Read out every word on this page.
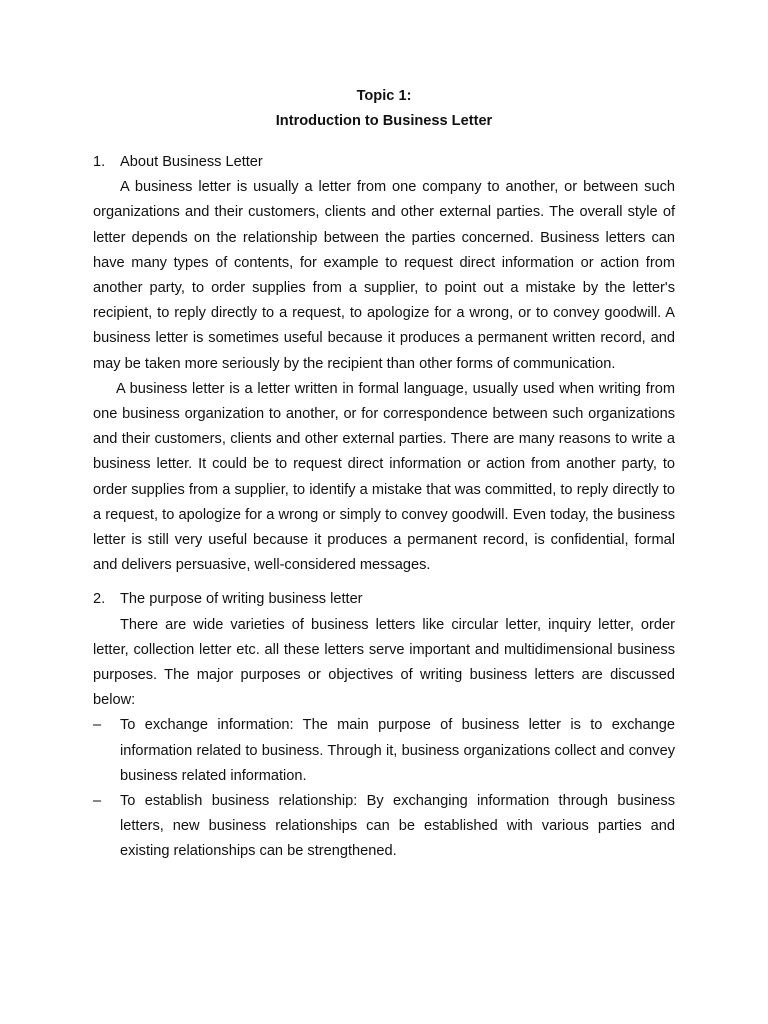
Topic 1:
Introduction to Business Letter
1.	About Business Letter

A business letter is usually a letter from one company to another, or between such organizations and their customers, clients and other external parties. The overall style of letter depends on the relationship between the parties concerned. Business letters can have many types of contents, for example to request direct information or action from another party, to order supplies from a supplier, to point out a mistake by the letter's recipient, to reply directly to a request, to apologize for a wrong, or to convey goodwill. A business letter is sometimes useful because it produces a permanent written record, and may be taken more seriously by the recipient than other forms of communication.

A business letter is a letter written in formal language, usually used when writing from one business organization to another, or for correspondence between such organizations and their customers, clients and other external parties. There are many reasons to write a business letter. It could be to request direct information or action from another party, to order supplies from a supplier, to identify a mistake that was committed, to reply directly to a request, to apologize for a wrong or simply to convey goodwill. Even today, the business letter is still very useful because it produces a permanent record, is confidential, formal and delivers persuasive, well-considered messages.

2.	The purpose of writing business letter

There are wide varieties of business letters like circular letter, inquiry letter, order letter, collection letter etc. all these letters serve important and multidimensional business purposes. The major purposes or objectives of writing business letters are discussed below:

–	To exchange information: The main purpose of business letter is to exchange information related to business. Through it, business organizations collect and convey business related information.
–	To establish business relationship: By exchanging information through business letters, new business relationships can be established with various parties and existing relationships can be strengthened.
